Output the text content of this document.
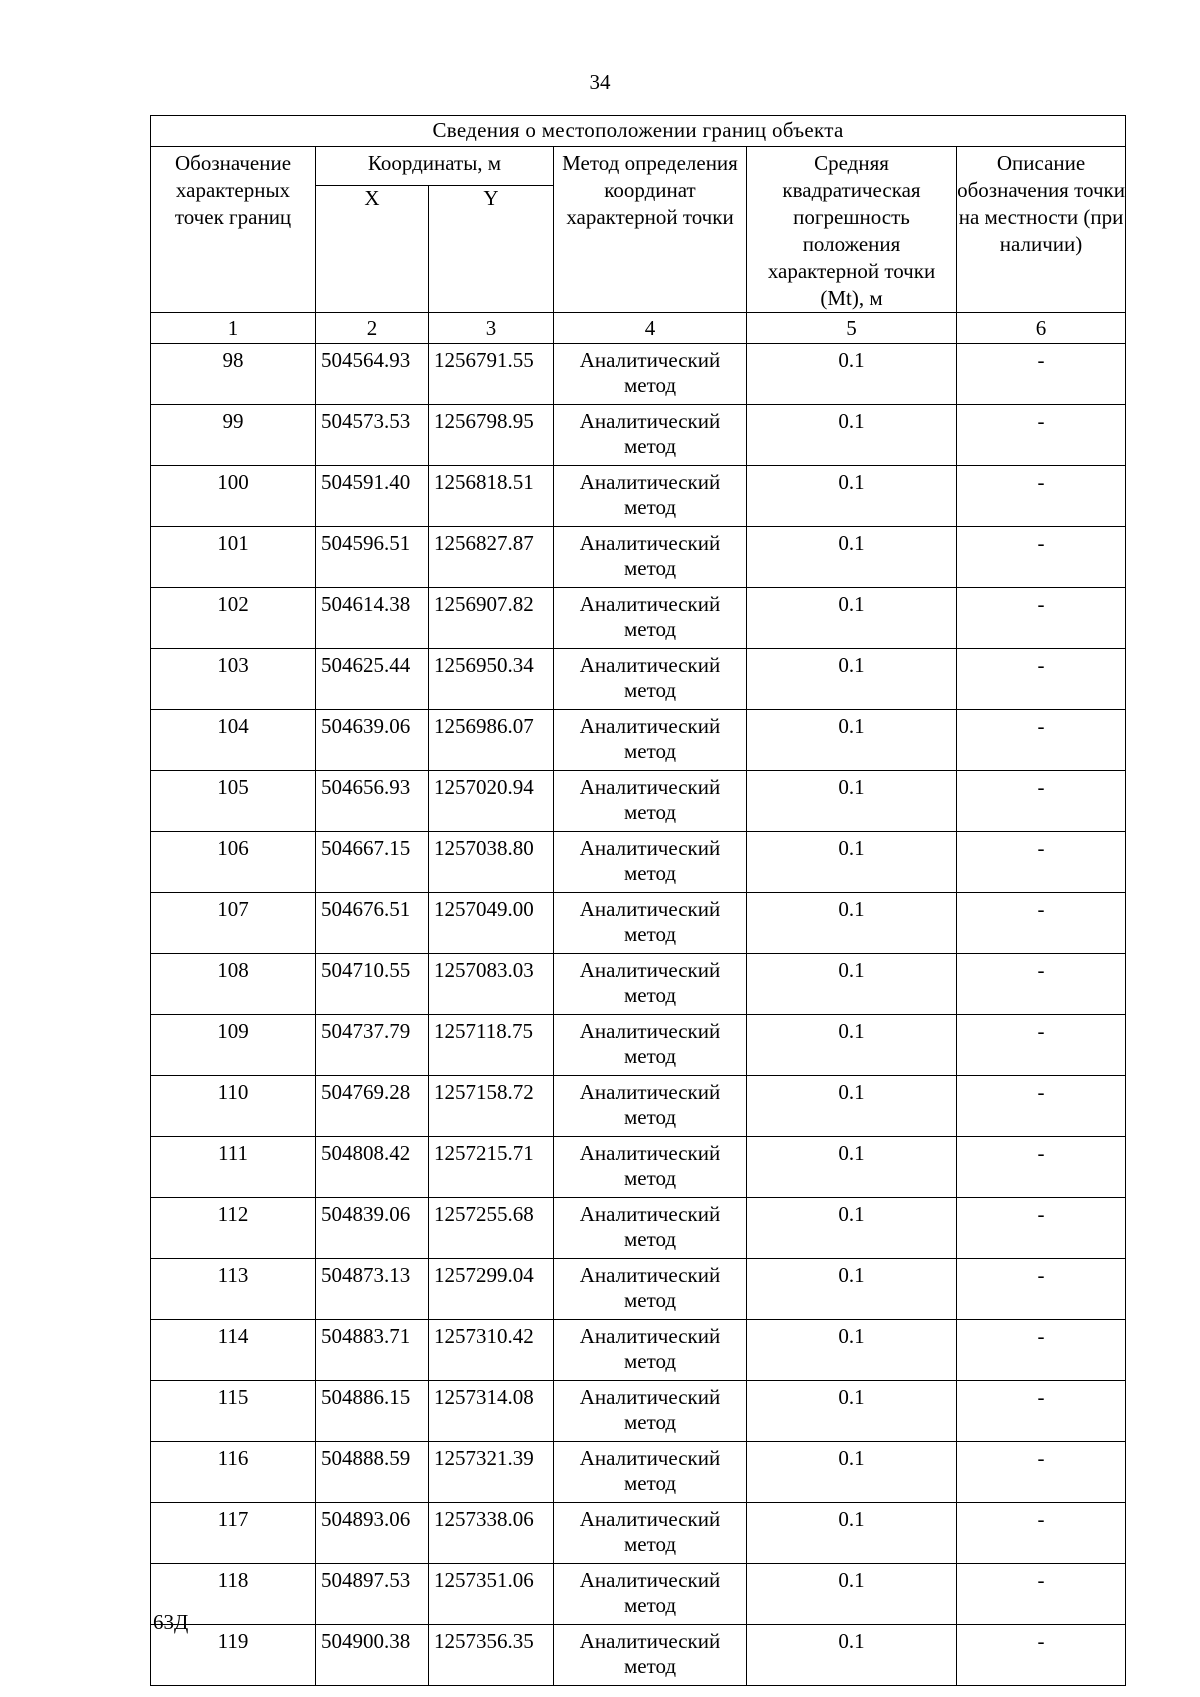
34
Сведения о местоположении границ объекта					
Обозначение характерных точек границ	Координаты, м		Метод определения координат характерной точки	Средняя квадратическая погрешность положения характерной точки (Mt), м	Описание обозначения точки на местности (при наличии)
	X	Y			
1	2	3	4	5	6
98	504564.93	1256791.55	Аналитический метод	0.1	-
99	504573.53	1256798.95	Аналитический метод	0.1	-
100	504591.40	1256818.51	Аналитический метод	0.1	-
101	504596.51	1256827.87	Аналитический метод	0.1	-
102	504614.38	1256907.82	Аналитический метод	0.1	-
103	504625.44	1256950.34	Аналитический метод	0.1	-
104	504639.06	1256986.07	Аналитический метод	0.1	-
105	504656.93	1257020.94	Аналитический метод	0.1	-
106	504667.15	1257038.80	Аналитический метод	0.1	-
107	504676.51	1257049.00	Аналитический метод	0.1	-
108	504710.55	1257083.03	Аналитический метод	0.1	-
109	504737.79	1257118.75	Аналитический метод	0.1	-
110	504769.28	1257158.72	Аналитический метод	0.1	-
111	504808.42	1257215.71	Аналитический метод	0.1	-
112	504839.06	1257255.68	Аналитический метод	0.1	-
113	504873.13	1257299.04	Аналитический метод	0.1	-
114	504883.71	1257310.42	Аналитический метод	0.1	-
115	504886.15	1257314.08	Аналитический метод	0.1	-
116	504888.59	1257321.39	Аналитический метод	0.1	-
117	504893.06	1257338.06	Аналитический метод	0.1	-
118	504897.53	1257351.06	Аналитический метод	0.1	-
119	504900.38	1257356.35	Аналитический метод	0.1	-
63Д
